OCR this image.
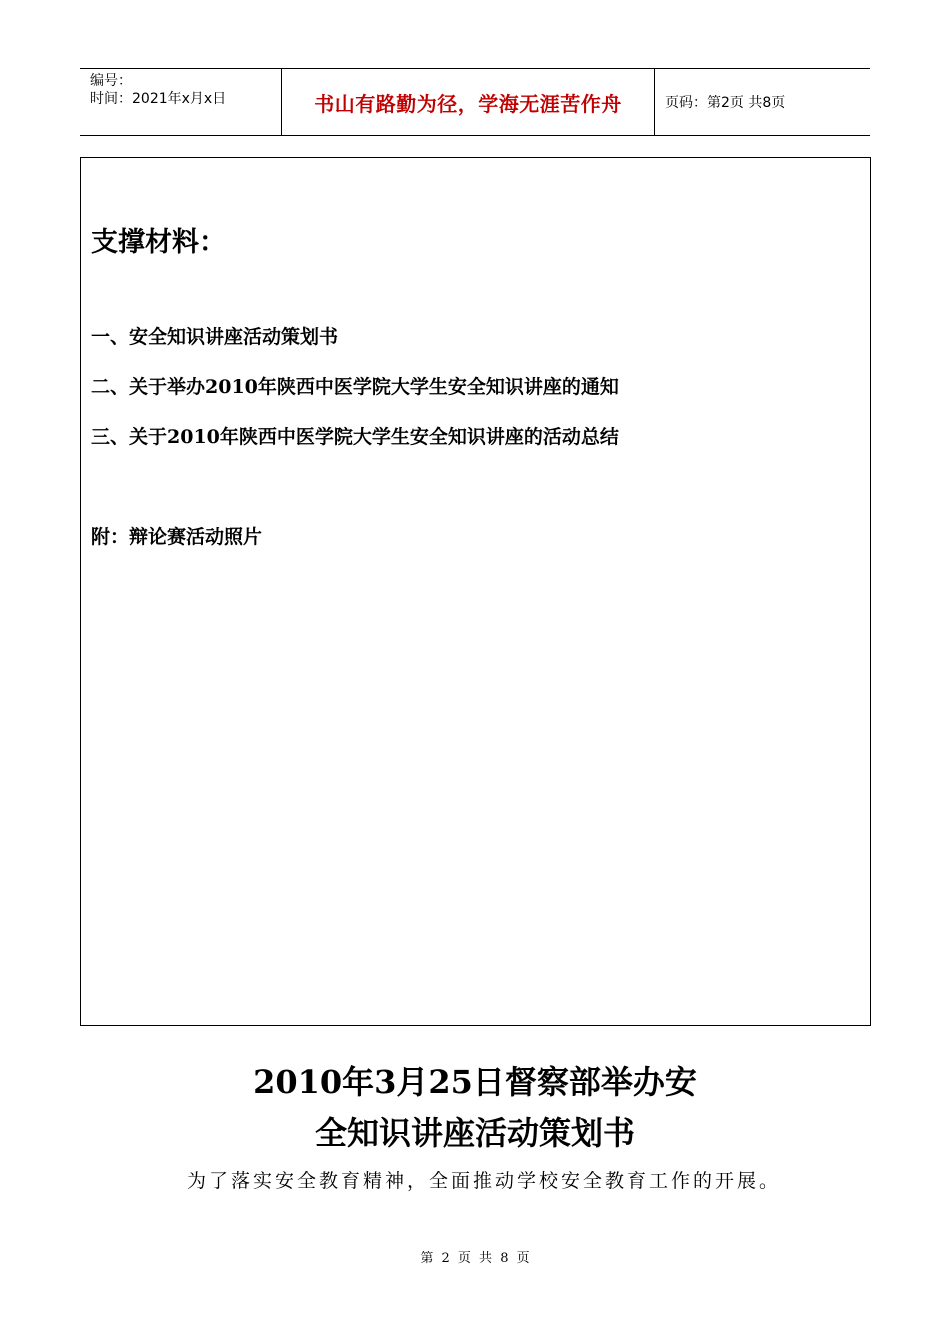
编号：
时间：2021年x月x日	书山有路勤为径，学海无涯苦作舟	页码：第2页 共8页
支撑材料：
一、安全知识讲座活动策划书
二、关于举办2010年陕西中医学院大学生安全知识讲座的通知
三、关于2010年陕西中医学院大学生安全知识讲座的活动总结
附：辩论赛活动照片
2010年3月25日督察部举办安
全知识讲座活动策划书
为了落实安全教育精神，全面推动学校安全教育工作的开展。
第 2 页 共 8 页
